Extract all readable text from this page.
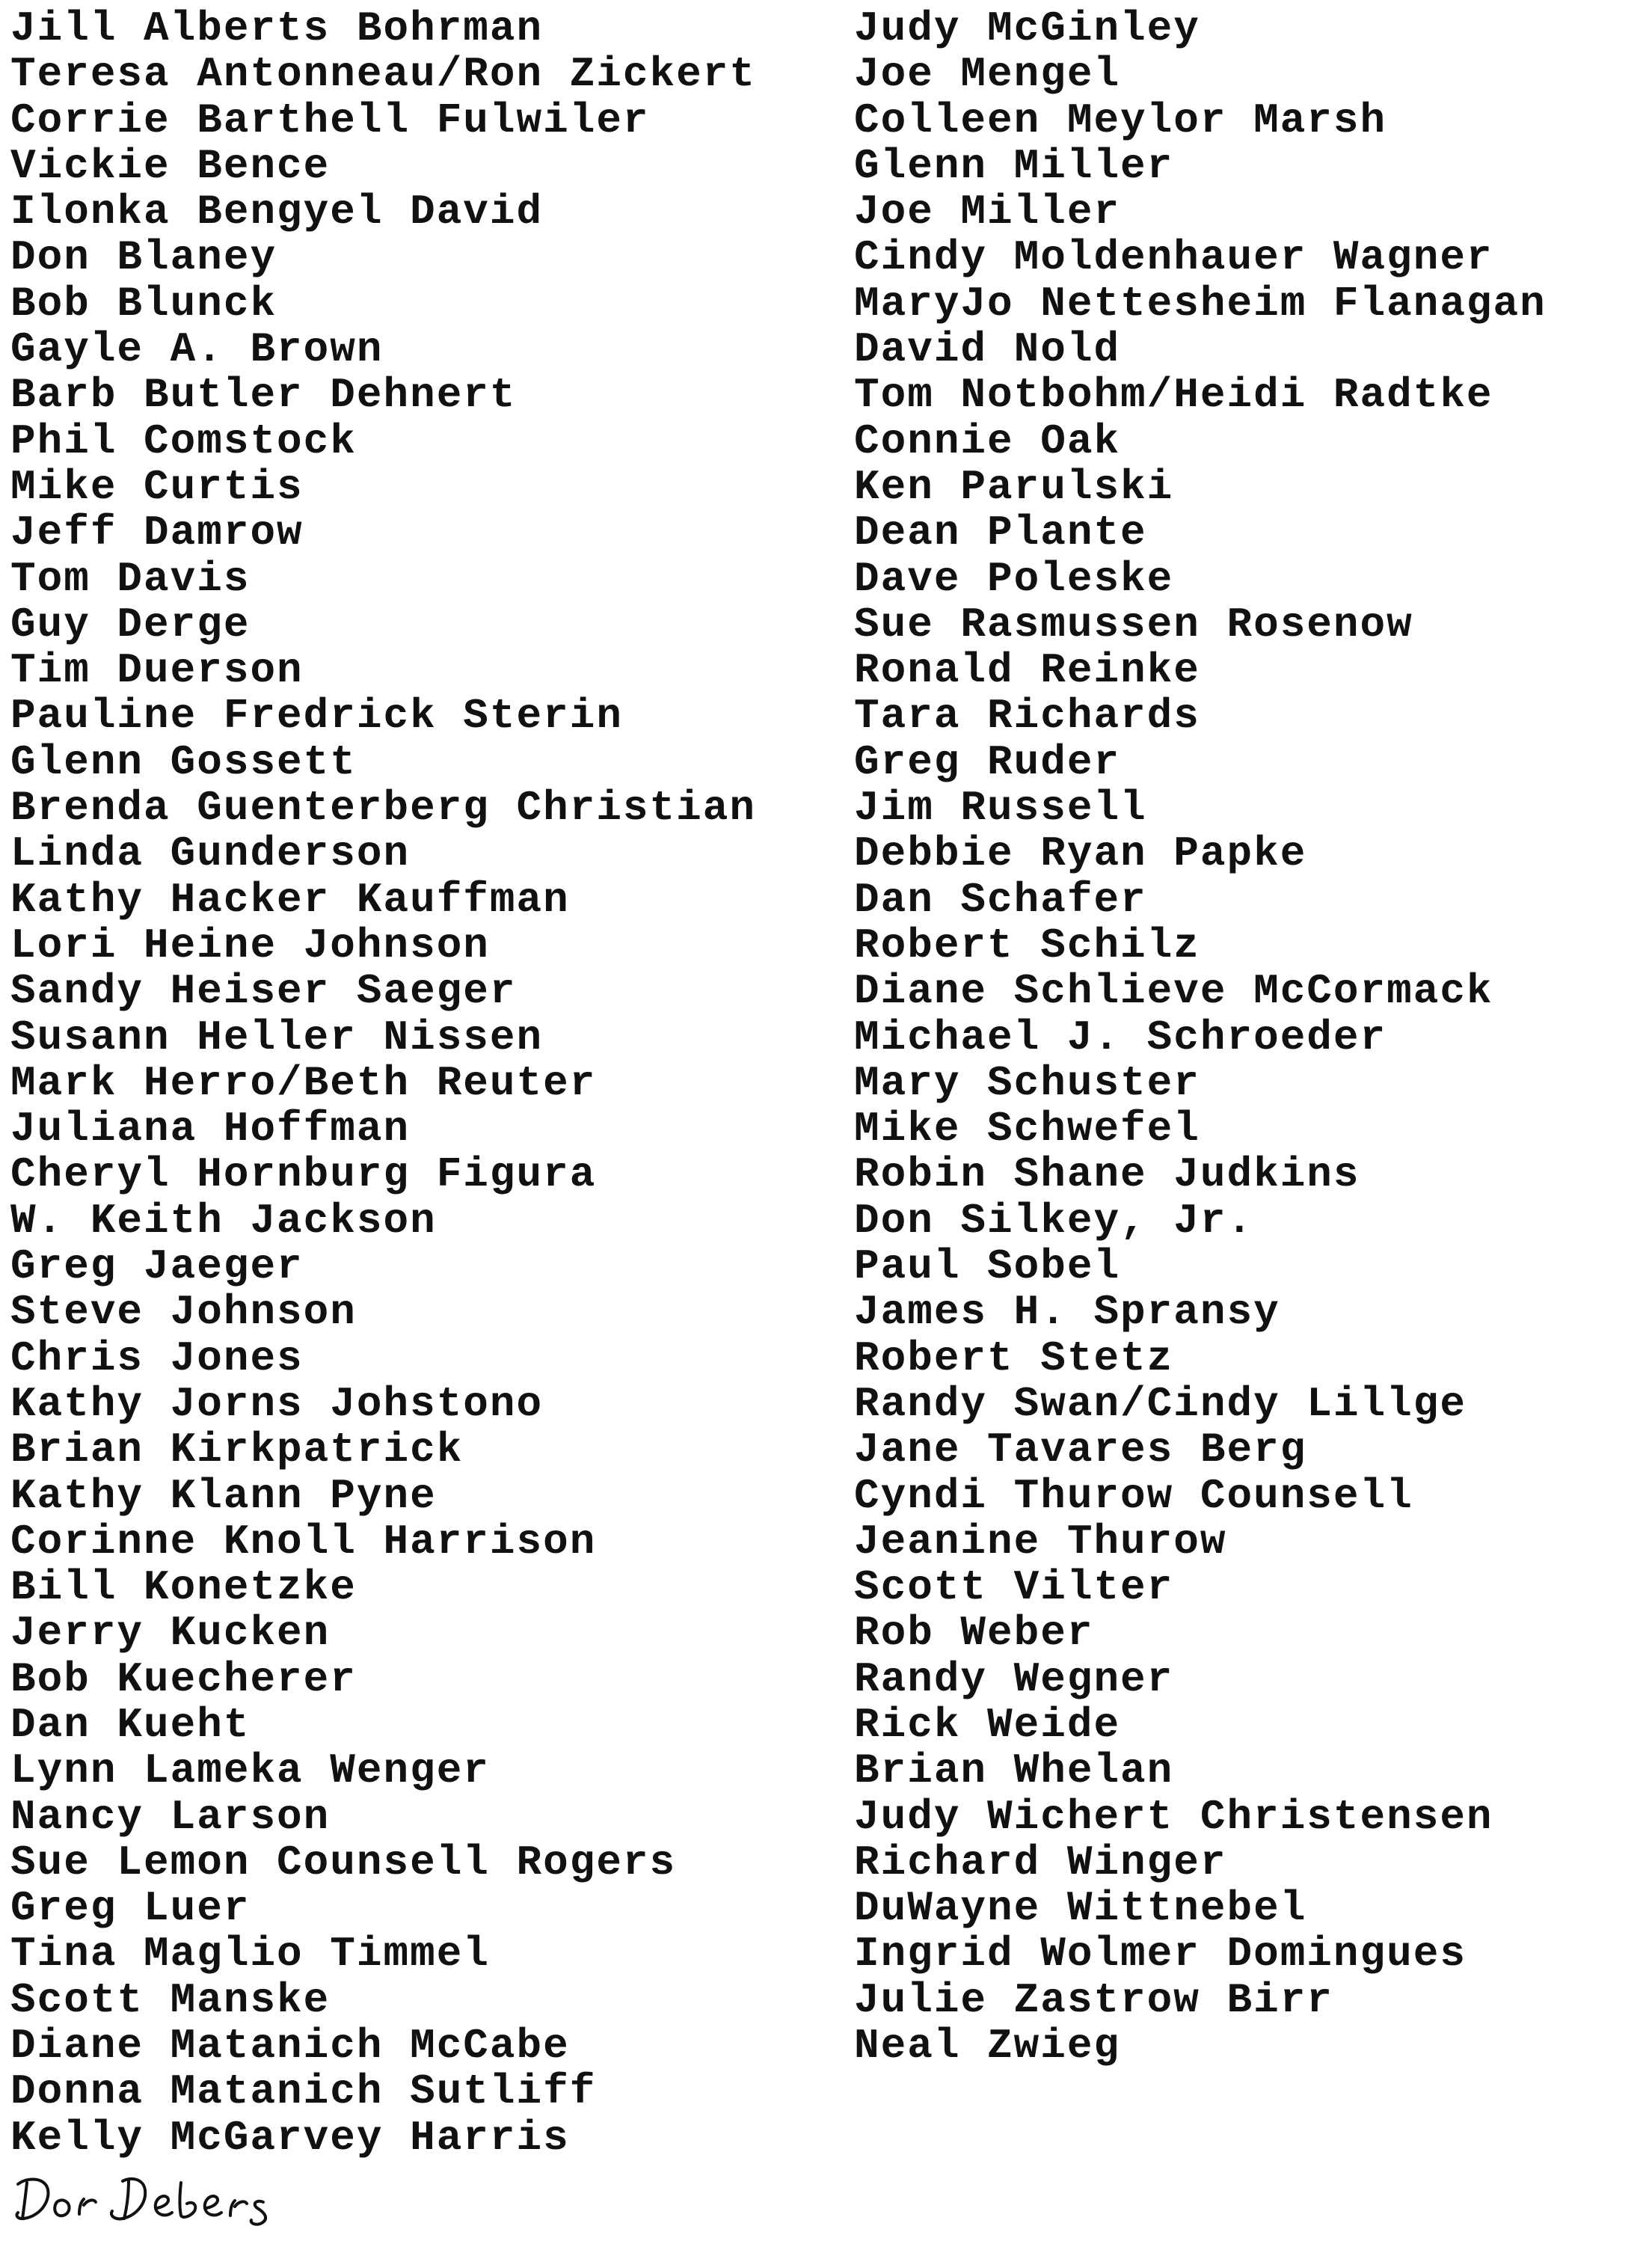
Jill Alberts Bohrman
Teresa Antonneau/Ron Zickert
Corrie Barthell Fulwiler
Vickie Bence
Ilonka Bengyel David
Don Blaney
Bob Blunck
Gayle A. Brown
Barb Butler Dehnert
Phil Comstock
Mike Curtis
Jeff Damrow
Tom Davis
Guy Derge
Tim Duerson
Pauline Fredrick Sterin
Glenn Gossett
Brenda Guenterberg Christian
Linda Gunderson
Kathy Hacker Kauffman
Lori Heine Johnson
Sandy Heiser Saeger
Susann Heller Nissen
Mark Herro/Beth Reuter
Juliana Hoffman
Cheryl Hornburg Figura
W. Keith Jackson
Greg Jaeger
Steve Johnson
Chris Jones
Kathy Jorns Johstono
Brian Kirkpatrick
Kathy Klann Pyne
Corinne Knoll Harrison
Bill Konetzke
Jerry Kucken
Bob Kuecherer
Dan Kueht
Lynn Lameka Wenger
Nancy Larson
Sue Lemon Counsell Rogers
Greg Luer
Tina Maglio Timmel
Scott Manske
Diane Matanich McCabe
Donna Matanich Sutliff
Kelly McGarvey Harris
Judy McGinley
Joe Mengel
Colleen Meylor Marsh
Glenn Miller
Joe Miller
Cindy Moldenhauer Wagner
MaryJo Nettesheim Flanagan
David Nold
Tom Notbohm/Heidi Radtke
Connie Oak
Ken Parulski
Dean Plante
Dave Poleske
Sue Rasmussen Rosenow
Ronald Reinke
Tara Richards
Greg Ruder
Jim Russell
Debbie Ryan Papke
Dan Schafer
Robert Schilz
Diane Schlieve McCormack
Michael J. Schroeder
Mary Schuster
Mike Schwefel
Robin Shane Judkins
Don Silkey, Jr.
Paul Sobel
James H. Spransy
Robert Stetz
Randy Swan/Cindy Lillge
Jane Tavares Berg
Cyndi Thurow Counsell
Jeanine Thurow
Scott Vilter
Rob Weber
Randy Wegner
Rick Weide
Brian Whelan
Judy Wichert Christensen
Richard Winger
DuWayne Wittnebel
Ingrid Wolmer Domingues
Julie Zastrow Birr
Neal Zwieg
